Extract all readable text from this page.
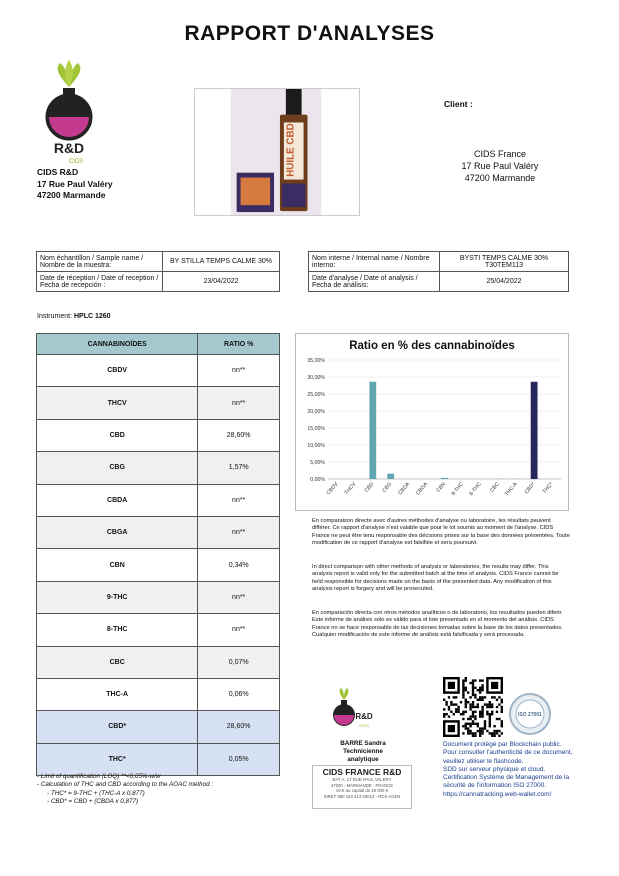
RAPPORT D'ANALYSES
R&D
CIDS
CIDS R&D
17 Rue Paul Valéry
47200 Marmande
HUILE CBD
Client :
CIDS France
17 Rue Paul Valéry
47200 Marmande
Nom échantillon / Sample name / Nombre de la muestra:	BY STILLA TEMPS CALME 30%
Date de réception / Date of reception / Fecha de recepción :	23/04/2022
Nom interne / Internal name / Nombre interno:	BYSTI TEMPS CALME 30% T30TEM113
Date d'analyse / Date of analysis / Fecha de análisis:	25/04/2022
Instrument: HPLC 1260
CANNABINOÏDES	RATIO %
CBDV	nn**
THCV	nn**
CBD	28,60%
CBG	1,57%
CBDA	nn**
CBGA	nn**
CBN	0,34%
9-THC	nn**
8-THC	nn**
CBC	0,07%
THC-A	0,06%
CBD*	28,60%
THC*	0,05%
- Limit of quantification (LOQ) **<0,05%-w/w
- Calculation of THC and CBD according to the AOAC method :
- THC* = 9-THC + (THC-A x 0,877)
- CBD* = CBD + (CBDA x 0,877)
Ratio en % des cannabinoïdes
0,00%
5,00%
10,00%
15,00%
20,00%
25,00%
30,00%
35,00%
CBDV THCV CBD CBG CBDA CBGA CBN 9-THC 8-THC CBC THC-A CBD* THC*
En comparaison directe avec d'autres méthodes d'analyse ou laboratoire, les résultats peuvent différer. Ce rapport d'analyse n'est valable que pour le lot soumis au moment de l'analyse. CIDS France ne peut être tenu responsable des décisions prises sur la base des données présentées. Toute modification de ce rapport d'analyse est falsifiée et sera poursuivi.
In direct comparison with other methods of analysis or laboratories, the results may differ. This analysis report is valid only for the submitted batch at the time of analysis. CIDS France cannot be held responsible for decisions made on the basis of the presented data. Any modification of this analysis report is forgery and will be prosecuted.
En comparación directa con otros métodos analíticos o de laboratorio, los resultados pueden diferir. Este informe de análisis solo es válido para el lote presentado en el momento del análisis. CIDS France no se hace responsable de las decisiones tomadas sobre la base de los datos presentados. Cualquier modificación de este informe de análisis está falsificada y será procesada.
R&D
CIDS
BARRE Sandra
Technicienne
analytique
CIDS FRANCE R&D
BAT A, 17 RUE PAUL VALÉRY
47200 - MARMANDE - FRANCE
SAS au capital de 20 000 €
SIRET 880 153 413 00013 - RCS AGEN
ISO 27001
Document protégé par Blockchain public.
Pour consulter l'authenticité de ce document,
veuillez utiliser le flashcode.
SDD sur serveur physique et cloud.
Certification Système de Management de la
sécurité de l'information ISO 27000.
https://cannatracking.web-wallet.com/
